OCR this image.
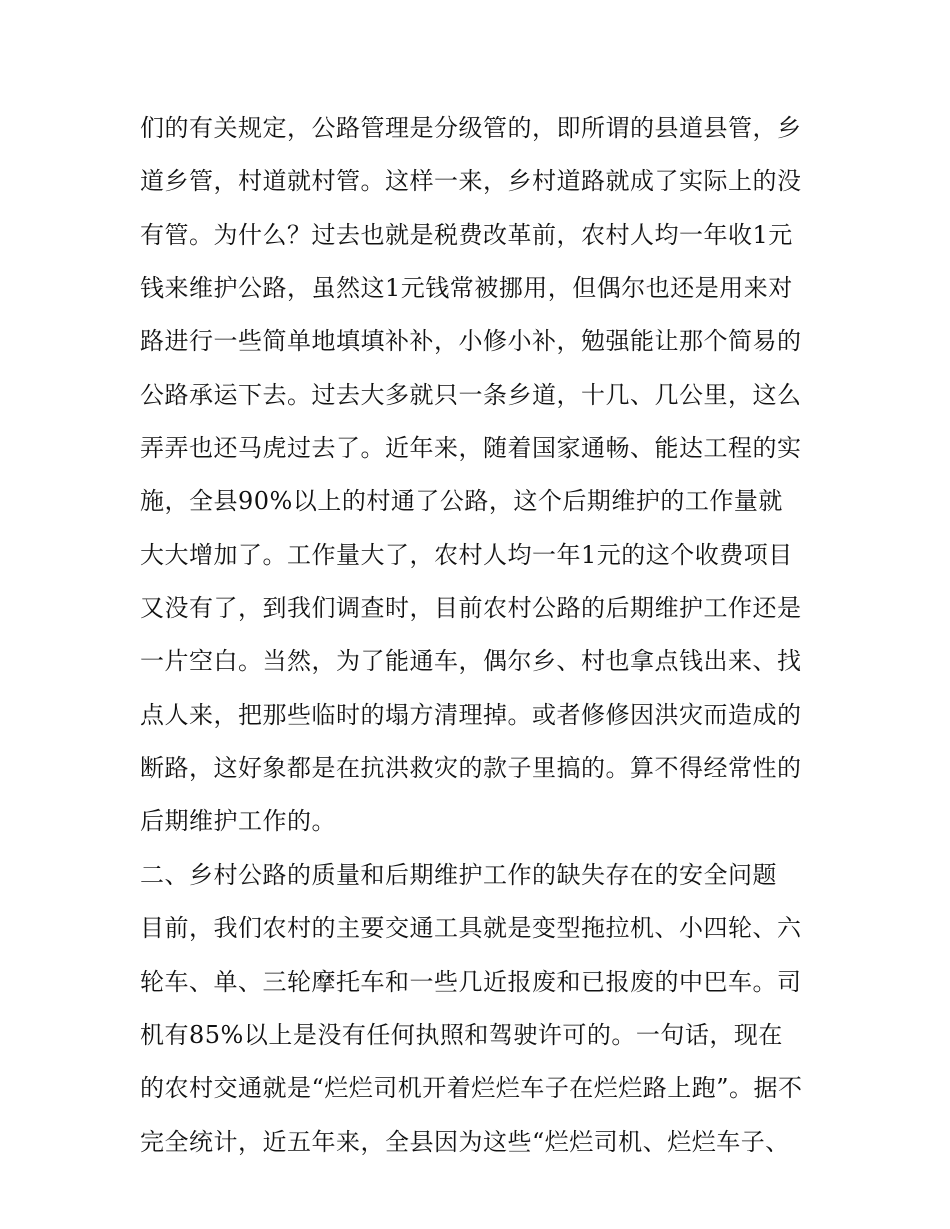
们的有关规定，公路管理是分级管的，即所谓的县道县管，乡
道乡管，村道就村管。这样一来，乡村道路就成了实际上的没
有管。为什么？过去也就是税费改革前，农村人均一年收1元
钱来维护公路，虽然这1元钱常被挪用，但偶尔也还是用来对
路进行一些简单地填填补补，小修小补，勉强能让那个简易的
公路承运下去。过去大多就只一条乡道，十几、几公里，这么
弄弄也还马虎过去了。近年来，随着国家通畅、能达工程的实
施，全县90%以上的村通了公路，这个后期维护的工作量就
大大增加了。工作量大了，农村人均一年1元的这个收费项目
又没有了，到我们调查时，目前农村公路的后期维护工作还是
一片空白。当然，为了能通车，偶尔乡、村也拿点钱出来、找
点人来，把那些临时的塌方清理掉。或者修修因洪灾而造成的
断路，这好象都是在抗洪救灾的款子里搞的。算不得经常性的
后期维护工作的。
二、乡村公路的质量和后期维护工作的缺失存在的安全问题
目前，我们农村的主要交通工具就是变型拖拉机、小四轮、六
轮车、单、三轮摩托车和一些几近报废和已报废的中巴车。司
机有85%以上是没有任何执照和驾驶许可的。一句话，现在
的农村交通就是“烂烂司机开着烂烂车子在烂烂路上跑”。据不
完全统计，近五年来，全县因为这些“烂烂司机、烂烂车子、
